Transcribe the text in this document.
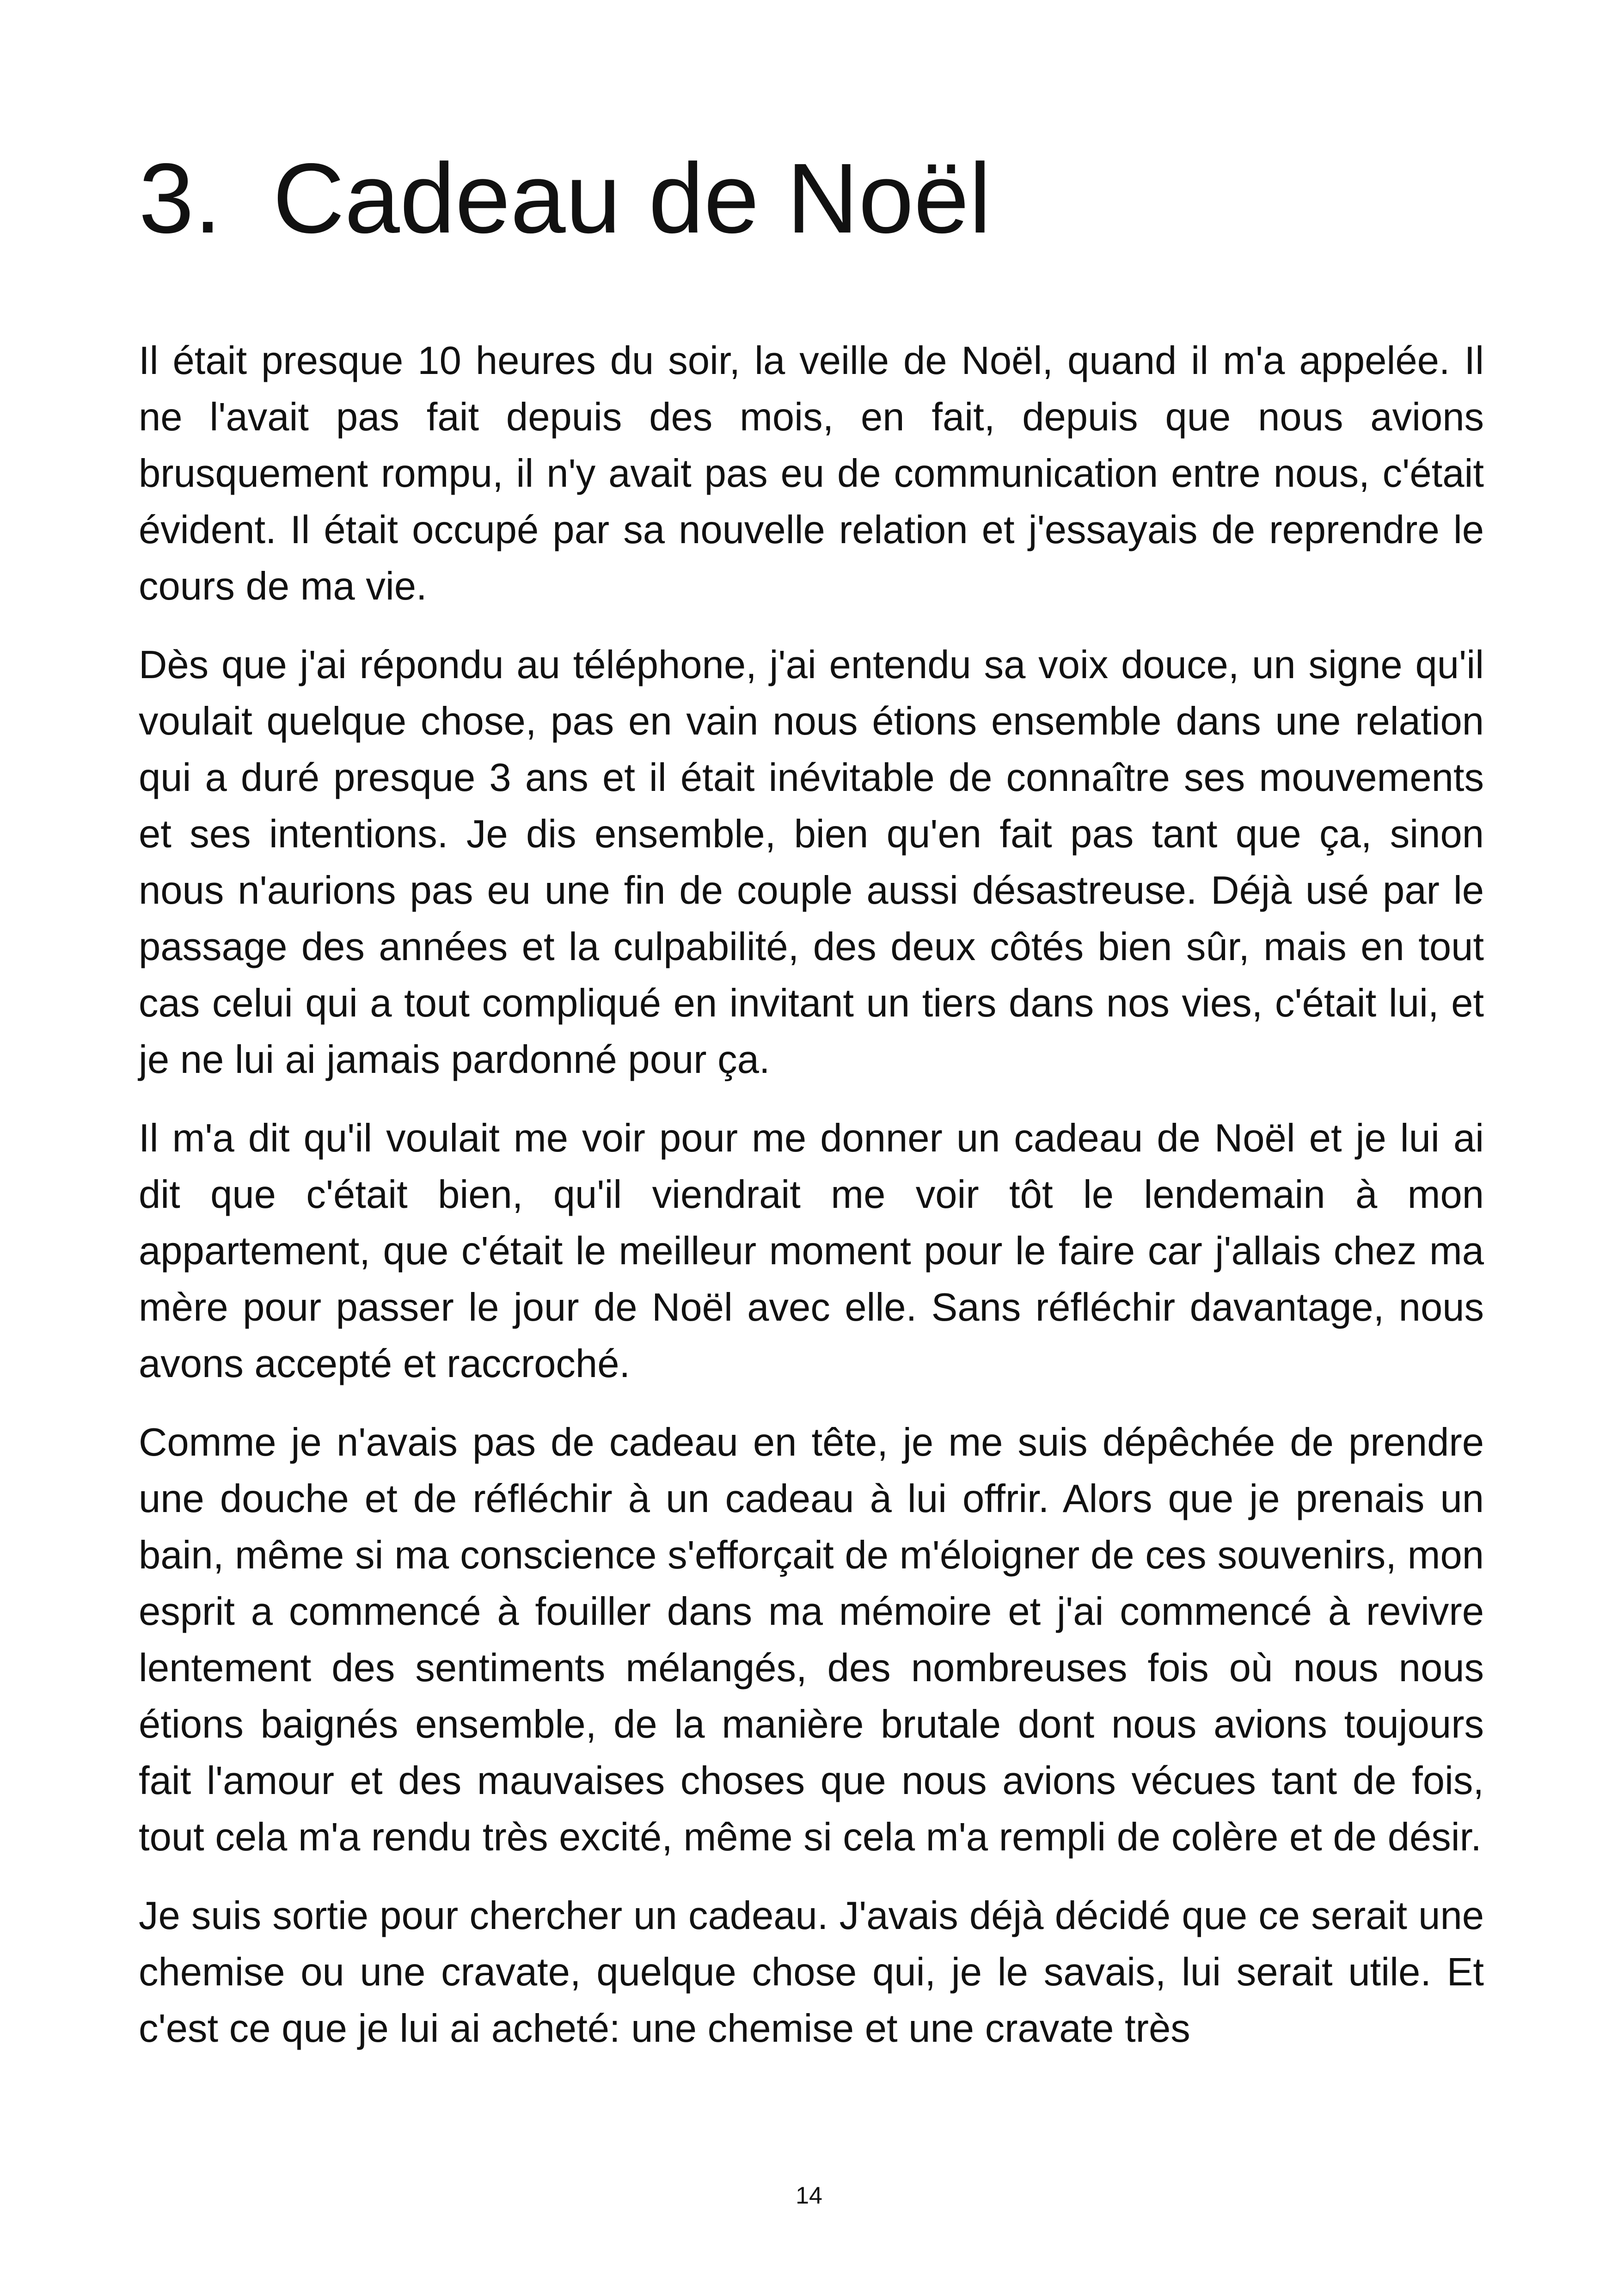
3. Cadeau de Noël

Il était presque 10 heures du soir, la veille de Noël, quand il m'a appelée. Il ne l'avait pas fait depuis des mois, en fait, depuis que nous avions brusquement rompu, il n'y avait pas eu de communication entre nous, c'était évident. Il était occupé par sa nouvelle relation et j'essayais de reprendre le cours de ma vie.

Dès que j'ai répondu au téléphone, j'ai entendu sa voix douce, un signe qu'il voulait quelque chose, pas en vain nous étions ensemble dans une relation qui a duré presque 3 ans et il était inévitable de connaître ses mouvements et ses intentions. Je dis ensemble, bien qu'en fait pas tant que ça, sinon nous n'aurions pas eu une fin de couple aussi désastreuse. Déjà usé par le passage des années et la culpabilité, des deux côtés bien sûr, mais en tout cas celui qui a tout compliqué en invitant un tiers dans nos vies, c'était lui, et je ne lui ai jamais pardonné pour ça.

Il m'a dit qu'il voulait me voir pour me donner un cadeau de Noël et je lui ai dit que c'était bien, qu'il viendrait me voir tôt le lendemain à mon appartement, que c'était le meilleur moment pour le faire car j'allais chez ma mère pour passer le jour de Noël avec elle. Sans réfléchir davantage, nous avons accepté et raccroché.

Comme je n'avais pas de cadeau en tête, je me suis dépêchée de prendre une douche et de réfléchir à un cadeau à lui offrir. Alors que je prenais un bain, même si ma conscience s'efforçait de m'éloigner de ces souvenirs, mon esprit a commencé à fouiller dans ma mémoire et j'ai commencé à revivre lentement des sentiments mélangés, des nombreuses fois où nous nous étions baignés ensemble, de la manière brutale dont nous avions toujours fait l'amour et des mauvaises choses que nous avions vécues tant de fois, tout cela m'a rendu très excité, même si cela m'a rempli de colère et de désir.

Je suis sortie pour chercher un cadeau. J'avais déjà décidé que ce serait une chemise ou une cravate, quelque chose qui, je le savais, lui serait utile. Et c'est ce que je lui ai acheté: une chemise et une cravate très

14
